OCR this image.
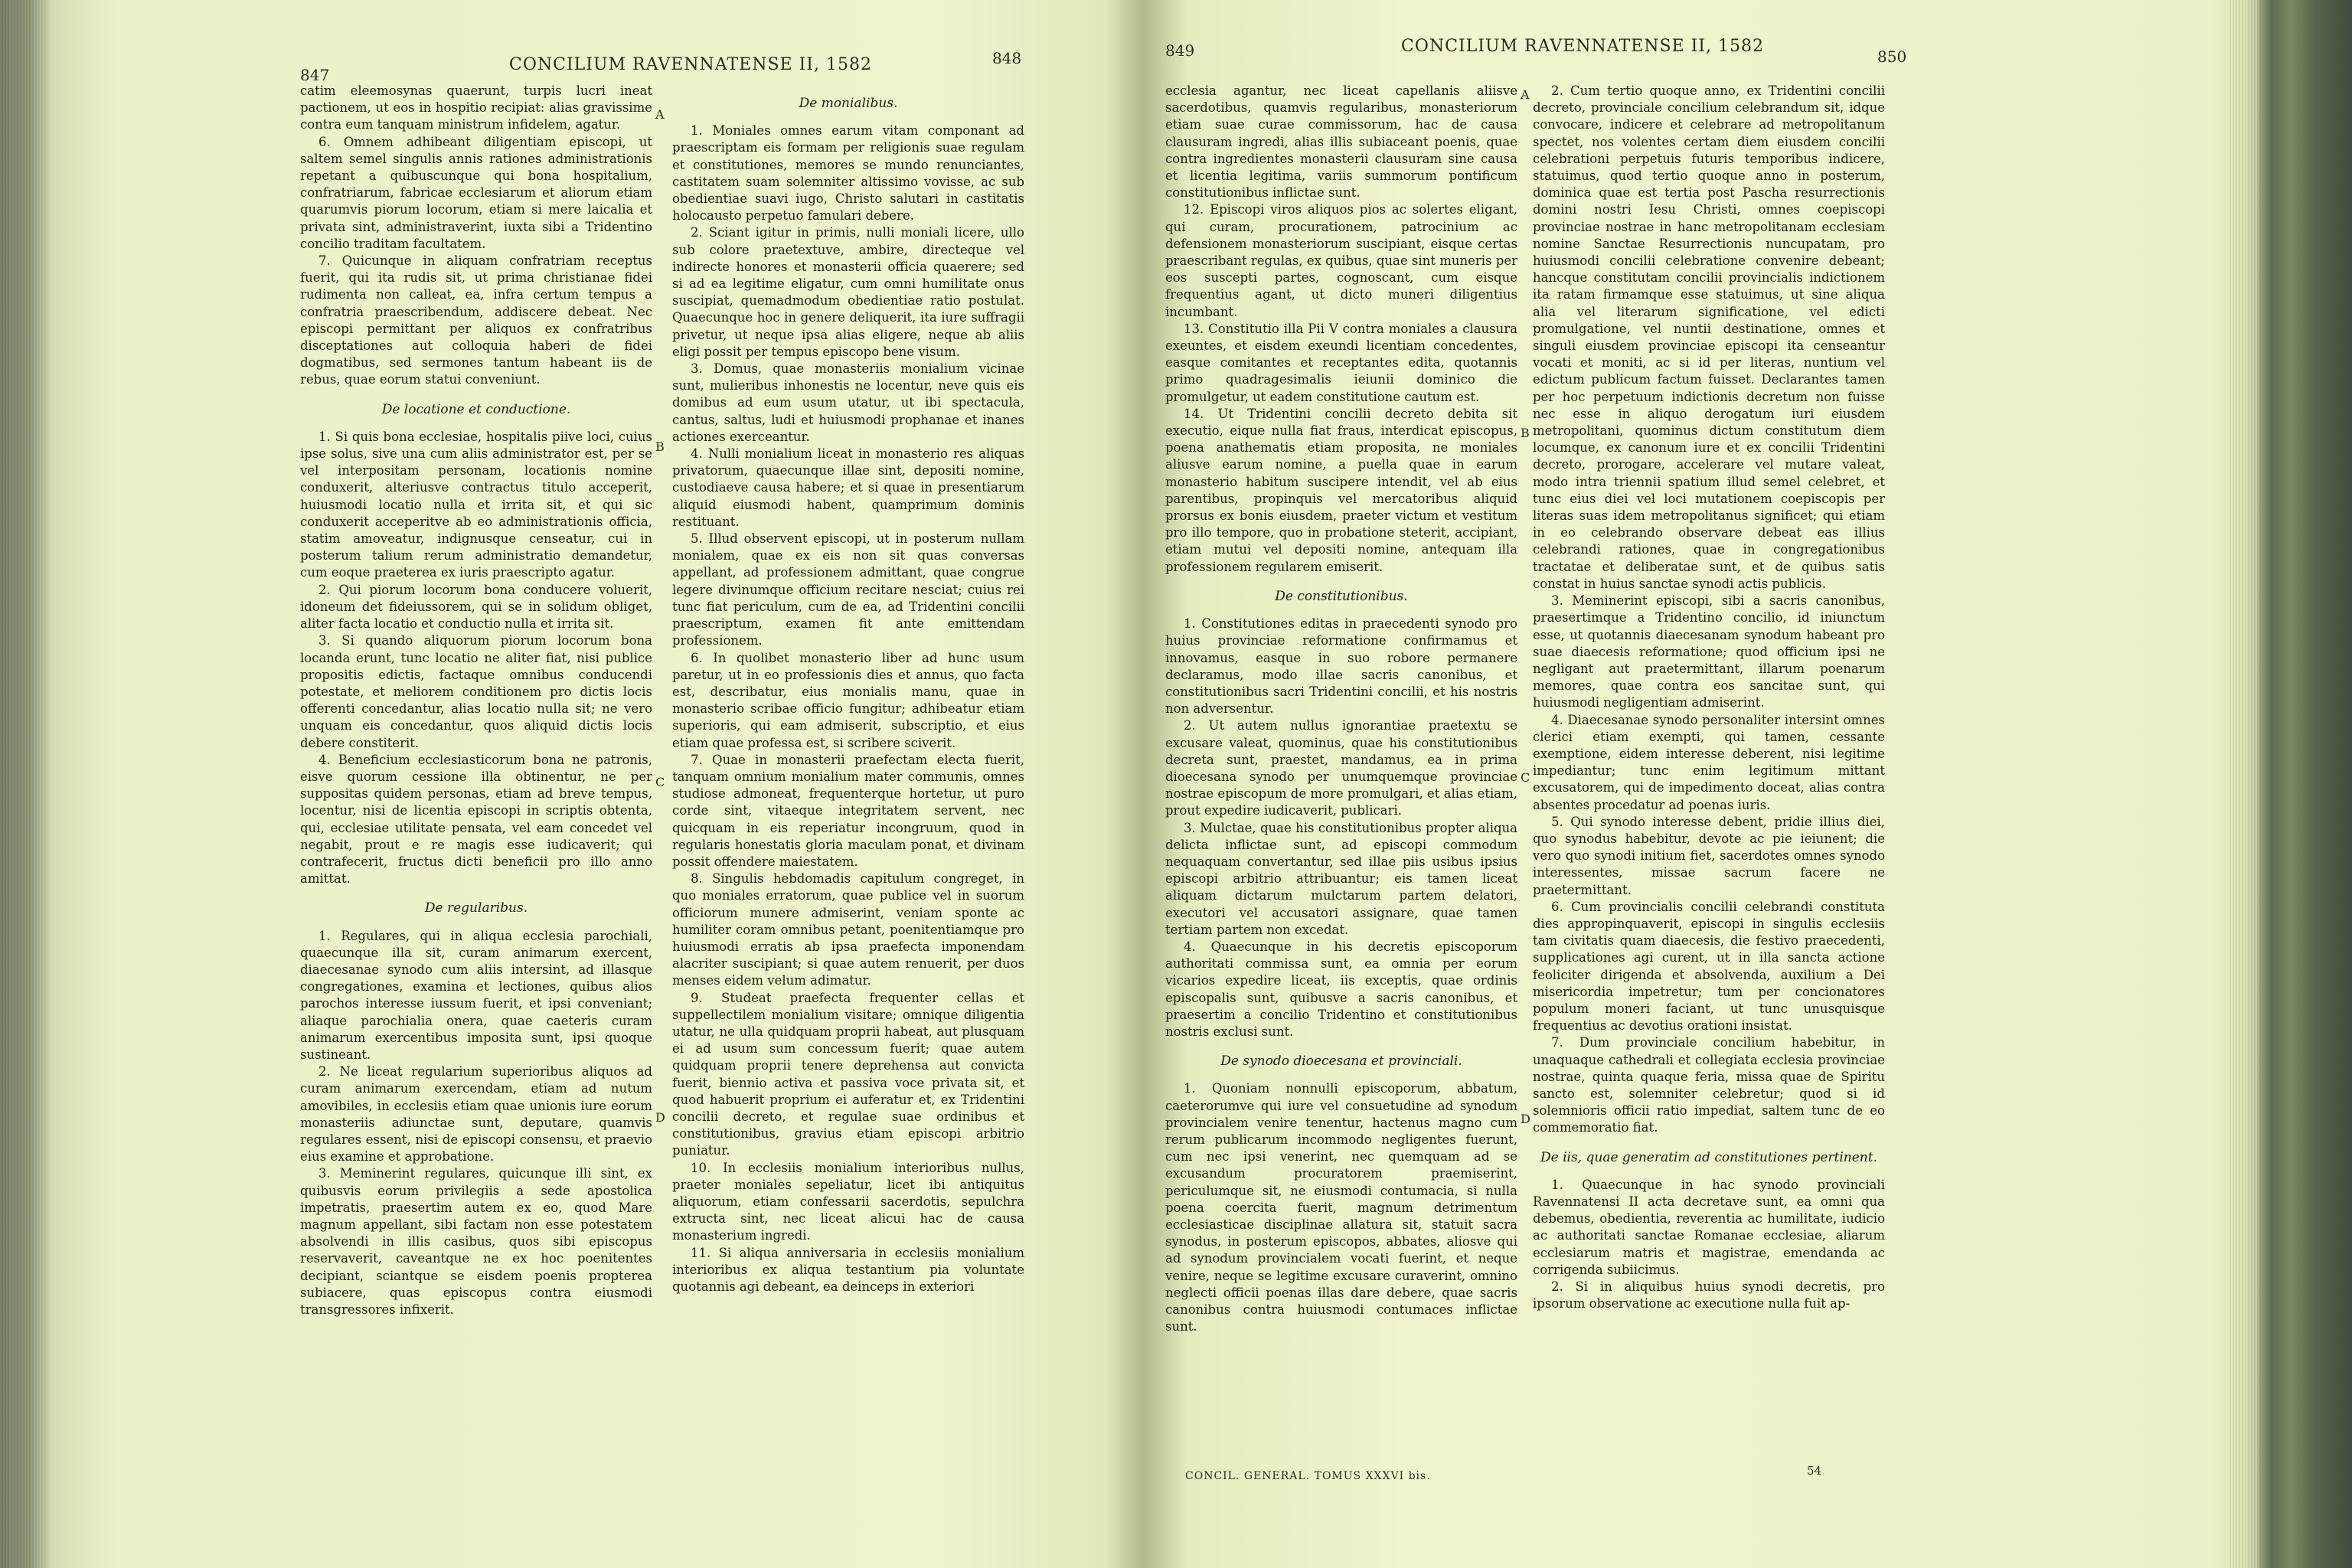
847
CONCILIUM RAVENNATENSE II, 1582	848	849	CONCILIUM RAVENNATENSE II, 1582
850

catim eleemosynas quaerunt, turpis lucri ineat pactionem, ut eos in hospitio recipiat: alias gravissime contra eum tanquam ministrum infidelem, agatur.

6. Omnem adhibeant diligentiam episcopi, ut saltem semel singulis annis rationes administrationis repetant a quibuscunque qui bona hospitalium, confratriarum, fabricae ecclesiarum et aliorum etiam quarumvis piorum locorum, etiam si mere laicalia et privata sint, administraverint, iuxta sibi a Tridentino concilio traditam facultatem.

7. Quicunque in aliquam confratriam receptus fuerit, qui ita rudis sit, ut prima christianae fidei rudimenta non calleat, ea, infra certum tempus a confratria praescribendum, addiscere debeat. Nec episcopi permittant per aliquos ex confratribus disceptationes aut colloquia haberi de fidei dogmatibus, sed sermones tantum habeant iis de rebus, quae eorum statui conveniunt.

De locatione et conductione.

1. Si quis bona ecclesiae, hospitalis piive loci, cuius ipse solus, sive una cum aliis administrator est, per se vel interpositam personam, locationis nomine conduxerit, alteriusve contractus titulo acceperit, huiusmodi locatio nulla et irrita sit, et qui sic conduxerit acceperitve ab eo administrationis officia, statim amoveatur, indignusque censeatur, cui in posterum talium rerum administratio demandetur, cum eoque praeterea ex iuris praescripto agatur.

2. Qui piorum locorum bona conducere voluerit, idoneum det fideiussorem, qui se in solidum obliget, aliter facta locatio et conductio nulla et irrita sit.

3. Si quando aliquorum piorum locorum bona locanda erunt, tunc locatio ne aliter fiat, nisi publice propositis edictis, factaque omnibus conducendi potestate, et meliorem conditionem pro dictis locis offerenti concedantur, alias locatio nulla sit; ne vero unquam eis concedantur, quos aliquid dictis locis debere constiterit.

4. Beneficium ecclesiasticorum bona ne patronis, eisve quorum cessione illa obtinentur, ne per suppositas quidem personas, etiam ad breve tempus, locentur, nisi de licentia episcopi in scriptis obtenta, qui, ecclesiae utilitate pensata, vel eam concedet vel negabit, prout e re magis esse iudicaverit; qui contrafecerit, fructus dicti beneficii pro illo anno amittat.

De regularibus.

1. Regulares, qui in aliqua ecclesia parochiali, quaecunque illa sit, curam animarum exercent, diaecesanae synodo cum aliis intersint, ad illasque congregationes, examina et lectiones, quibus alios parochos interesse iussum fuerit, et ipsi conveniant; aliaque parochialia onera, quae caeteris curam animarum exercentibus imposita sunt, ipsi quoque sustineant.

2. Ne liceat regularium superioribus aliquos ad curam animarum exercendam, etiam ad nutum amovibiles, in ecclesiis etiam quae unionis iure eorum monasteriis adiunctae sunt, deputare, quamvis regulares essent, nisi de episcopi consensu, et praevio eius examine et approbatione.

3. Meminerint regulares, quicunque illi sint, ex quibusvis eorum privilegiis a sede apostolica impetratis, praesertim autem ex eo, quod Mare magnum appellant, sibi factam non esse potestatem absolvendi in illis casibus, quos sibi episcopus reservaverit, caveantque ne ex hoc poenitentes decipiant, sciantque se eisdem poenis propterea subiacere, quas episcopus contra eiusmodi transgressores infixerit.

De monialibus.

1. Moniales omnes earum vitam componant ad praescriptam eis formam per religionis suae regulam et constitutiones, memores se mundo renunciantes, castitatem suam solemniter altissimo vovisse, ac sub obedientiae suavi iugo, Christo salutari in castitatis holocausto perpetuo famulari debere.

2. Sciant igitur in primis, nulli moniali licere, ullo sub colore praetextuve, ambire, directeque vel indirecte honores et monasterii officia quaerere; sed si ad ea legitime eligatur, cum omni humilitate onus suscipiat, quemadmodum obedientiae ratio postulat. Quaecunque hoc in genere deliquerit, ita iure suffragii privetur, ut neque ipsa alias eligere, neque ab aliis eligi possit per tempus episcopo bene visum.

3. Domus, quae monasteriis monialium vicinae sunt, mulieribus inhonestis ne locentur, neve quis eis domibus ad eum usum utatur, ut ibi spectacula, cantus, saltus, ludi et huiusmodi prophanae et inanes actiones exerceantur.

4. Nulli monialium liceat in monasterio res aliquas privatorum, quaecunque illae sint, depositi nomine, custodiaeve causa habere; et si quae in presentiarum aliquid eiusmodi habent, quamprimum dominis restituant.

5. Illud observent episcopi, ut in posterum nullam monialem, quae ex eis non sit quas conversas appellant, ad professionem admittant, quae congrue legere divinumque officium recitare nesciat; cuius rei tunc fiat periculum, cum de ea, ad Tridentini concilii praescriptum, examen fit ante emittendam professionem.

6. In quolibet monasterio liber ad hunc usum paretur, ut in eo professionis dies et annus, quo facta est, describatur, eius monialis manu, quae in monasterio scribae officio fungitur; adhibeatur etiam superioris, qui eam admiserit, subscriptio, et eius etiam quae professa est, si scribere sciverit.

7. Quae in monasterii praefectam electa fuerit, tanquam omnium monialium mater communis, omnes studiose admoneat, frequenterque hortetur, ut puro corde sint, vitaeque integritatem servent, nec quicquam in eis reperiatur incongruum, quod in regularis honestatis gloria maculam ponat, et divinam possit offendere maiestatem.

8. Singulis hebdomadis capitulum congreget, in quo moniales erratorum, quae publice vel in suorum officiorum munere admiserint, veniam sponte ac humiliter coram omnibus petant, poenitentiamque pro huiusmodi erratis ab ipsa praefecta imponendam alacriter suscipiant; si quae autem renuerit, per duos menses eidem velum adimatur.

9. Studeat praefecta frequenter cellas et suppellectilem monialium visitare; omnique diligentia utatur, ne ulla quidquam proprii habeat, aut plusquam ei ad usum sum concessum fuerit; quae autem quidquam proprii tenere deprehensa aut convicta fuerit, biennio activa et passiva voce privata sit, et quod habuerit proprium ei auferatur et, ex Tridentini concilii decreto, et regulae suae ordinibus et constitutionibus, gravius etiam episcopi arbitrio puniatur.

10. In ecclesiis monialium interioribus nullus, praeter moniales sepeliatur, licet ibi antiquitus aliquorum, etiam confessarii sacerdotis, sepulchra extructa sint, nec liceat alicui hac de causa monasterium ingredi.

11. Si aliqua anniversaria in ecclesiis monialium interioribus ex aliqua testantium pia voluntate quotannis agi debeant, ea deinceps in exteriori

ecclesia agantur, nec liceat capellanis aliisve sacerdotibus, quamvis regularibus, monasteriorum etiam suae curae commissorum, hac de causa clausuram ingredi, alias illis subiaceant poenis, quae contra ingredientes monasterii clausuram sine causa et licentia legitima, variis summorum pontificum constitutionibus inflictae sunt.

12. Episcopi viros aliquos pios ac solertes eligant, qui curam, procurationem, patrocinium ac defensionem monasteriorum suscipiant, eisque certas praescribant regulas, ex quibus, quae sint muneris per eos suscepti partes, cognoscant, cum eisque frequentius agant, ut dicto muneri diligentius incumbant.

13. Constitutio illa Pii V contra moniales a clausura exeuntes, et eisdem exeundi licentiam concedentes, easque comitantes et receptantes edita, quotannis primo quadragesimalis ieiunii dominico die promulgetur, ut eadem constitutione cautum est.

14. Ut Tridentini concilii decreto debita sit executio, eique nulla fiat fraus, interdicat episcopus, poena anathematis etiam proposita, ne moniales aliusve earum nomine, a puella quae in earum monasterio habitum suscipere intendit, vel ab eius parentibus, propinquis vel mercatoribus aliquid prorsus ex bonis eiusdem, praeter victum et vestitum pro illo tempore, quo in probatione steterit, accipiant, etiam mutui vel depositi nomine, antequam illa professionem regularem emiserit.

De constitutionibus.

1. Constitutiones editas in praecedenti synodo pro huius provinciae reformatione confirmamus et innovamus, easque in suo robore permanere declaramus, modo illae sacris canonibus, et constitutionibus sacri Tridentini concilii, et his nostris non adversentur.

2. Ut autem nullus ignorantiae praetextu se excusare valeat, quominus, quae his constitutionibus decreta sunt, praestet, mandamus, ea in prima dioecesana synodo per unumquemque provinciae nostrae episcopum de more promulgari, et alias etiam, prout expedire iudicaverit, publicari.

3. Mulctae, quae his constitutionibus propter aliqua delicta inflictae sunt, ad episcopi commodum nequaquam convertantur, sed illae piis usibus ipsius episcopi arbitrio attribuantur; eis tamen liceat aliquam dictarum mulctarum partem delatori, executori vel accusatori assignare, quae tamen tertiam partem non excedat.

4. Quaecunque in his decretis episcoporum authoritati commissa sunt, ea omnia per eorum vicarios expedire liceat, iis exceptis, quae ordinis episcopalis sunt, quibusve a sacris canonibus, et praesertim a concilio Tridentino et constitutionibus nostris exclusi sunt.

De synodo dioecesana et provinciali.

1. Quoniam nonnulli episcoporum, abbatum, caeterorumve qui iure vel consuetudine ad synodum provincialem venire tenentur, hactenus magno cum rerum publicarum incommodo negligentes fuerunt, cum nec ipsi venerint, nec quemquam ad se excusandum procuratorem praemiserint, periculumque sit, ne eiusmodi contumacia, si nulla poena coercita fuerit, magnum detrimentum ecclesiasticae disciplinae allatura sit, statuit sacra synodus, in posterum episcopos, abbates, aliosve qui ad synodum provincialem vocati fuerint, et neque venire, neque se legitime excusare curaverint, omnino neglecti officii poenas illas dare debere, quae sacris canonibus contra huiusmodi contumaces inflictae sunt.

2. Cum tertio quoque anno, ex Tridentini concilii decreto, provinciale concilium celebrandum sit, idque convocare, indicere et celebrare ad metropolitanum spectet, nos volentes certam diem eiusdem concilii celebrationi perpetuis futuris temporibus indicere, statuimus, quod tertio quoque anno in posterum, dominica quae est tertia post Pascha resurrectionis domini nostri Iesu Christi, omnes coepiscopi provinciae nostrae in hanc metropolitanam ecclesiam nomine Sanctae Resurrectionis nuncupatam, pro huiusmodi concilii celebratione convenire debeant; hancque constitutam concilii provincialis indictionem ita ratam firmamque esse statuimus, ut sine aliqua alia vel literarum significatione, vel edicti promulgatione, vel nuntii destinatione, omnes et singuli eiusdem provinciae episcopi ita censeantur vocati et moniti, ac si id per literas, nuntium vel edictum publicum factum fuisset. Declarantes tamen per hoc perpetuum indictionis decretum non fuisse nec esse in aliquo derogatum iuri eiusdem metropolitani, quominus dictum constitutum diem locumque, ex canonum iure et ex concilii Tridentini decreto, prorogare, accelerare vel mutare valeat, modo intra triennii spatium illud semel celebret, et tunc eius diei vel loci mutationem coepiscopis per literas suas idem metropolitanus significet; qui etiam in eo celebrando observare debeat eas illius celebrandi rationes, quae in congregationibus tractatae et deliberatae sunt, et de quibus satis constat in huius sanctae synodi actis publicis.

3. Meminerint episcopi, sibi a sacris canonibus, praesertimque a Tridentino concilio, id iniunctum esse, ut quotannis diaecesanam synodum habeant pro suae diaecesis reformatione; quod officium ipsi ne negligant aut praetermittant, illarum poenarum memores, quae contra eos sancitae sunt, qui huiusmodi negligentiam admiserint.

4. Diaecesanae synodo personaliter intersint omnes clerici etiam exempti, qui tamen, cessante exemptione, eidem interesse deberent, nisi legitime impediantur; tunc enim legitimum mittant excusatorem, qui de impedimento doceat, alias contra absentes procedatur ad poenas iuris.

5. Qui synodo interesse debent, pridie illius diei, quo synodus habebitur, devote ac pie ieiunent; die vero quo synodi initium fiet, sacerdotes omnes synodo interessentes, missae sacrum facere ne praetermittant.

6. Cum provincialis concilii celebrandi constituta dies appropinquaverit, episcopi in singulis ecclesiis tam civitatis quam diaecesis, die festivo praecedenti, supplicationes agi curent, ut in illa sancta actione feoliciter dirigenda et absolvenda, auxilium a Dei misericordia impetretur; tum per concionatores populum moneri faciant, ut tunc unusquisque frequentius ac devotius orationi insistat.

7. Dum provinciale concilium habebitur, in unaquaque cathedrali et collegiata ecclesia provinciae nostrae, quinta quaque feria, missa quae de Spiritu sancto est, solemniter celebretur; quod si id solemnioris officii ratio impediat, saltem tunc de eo commemoratio fiat.

De iis, quae generatim ad constitutiones pertinent.

1. Quaecunque in hac synodo provinciali Ravennatensi II acta decretave sunt, ea omni qua debemus, obedientia, reverentia ac humilitate, iudicio ac authoritati sanctae Romanae ecclesiae, aliarum ecclesiarum matris et magistrae, emendanda ac corrigenda subiicimus.

2. Si in aliquibus huius synodi decretis, pro ipsorum observatione ac executione nulla fuit ap-

A
B
C
D
A
B
C
D
CONCIL. GENERAL. TOMUS XXXVI bis.	54
